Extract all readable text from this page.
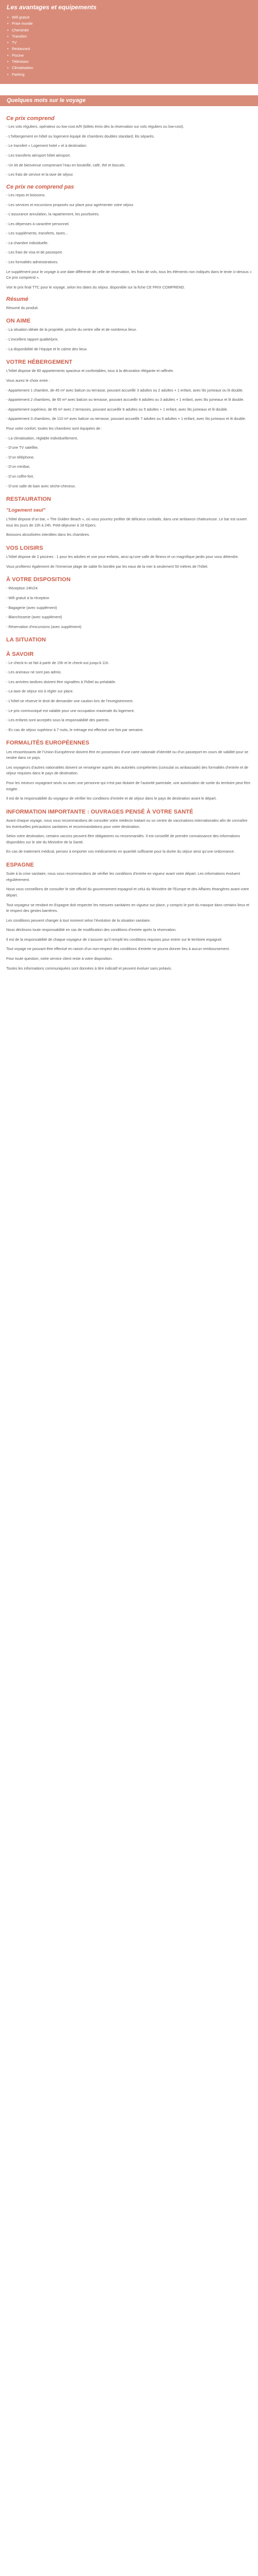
Les avantages et equipements
• Wifi gratuit
• Prise murale
• Cheminée
• Transfert
• TV
• Restaurant
• Piscine
• Télévision
• Climatisation
• Parking
Quelques mots sur le voyage
Ce prix comprend

- Les vols réguliers, opérateur ou low-cost A/R (billets émis dès la réservation sur vols réguliers ou low-cost).

- L’hébergement en hôtel ou logement équipé de chambres doubles standard, lits séparés.

- Le transfert « Logement hotel » et à destination.

- Les transferts aéroport hôtel aéroport.

- Un kit de bienvenue comprenant l’eau en bouteille, café, thé et biscuits.

- Les frais de service et la taxe de séjour.

Ce prix ne comprend pas

- Les repas et boissons.

- Les services et excursions proposés sur place pour agrémenter votre séjour.

- L’assurance annulation, la rapatriement, les pourboires.

- Les dépenses à caractère personnel.

- Les suppléments, transferts, taxes...

- La chambre individuelle.

- Les frais de visa et de passeport.

- Les formalités administratives.

Le supplément pour le voyage à une date différente de celle de réservation, les frais de vols, tous les éléments non indiqués dans le texte ci-dessus « Ce prix comprend ».

Voir le prix final TTC pour le voyage, selon les dates du séjour, disponible sur la fiche CE PRIX COMPREND.

Résumé

Résumé du produit.

ON AIME

- La situation idéale de la propriété, proche du centre ville et de nombreux lieux.

- L’excellent rapport qualité/prix.

- La disponibilité de l’équipe et le calme des lieux.

VOTRE HÉBERGEMENT

L’hôtel dispose de 80 appartements spacieux et confortables, tous à la décoration élégante et raffinée.

Vous aurez le choix entre :

- Appartement 1 chambre, de 45 m² avec balcon ou terrasse, pouvant accueillir 3 adultes ou 2 adultes + 1 enfant, avec lits jumeaux ou lit double.

- Appartement 2 chambres, de 65 m² avec balcon ou terrasse, pouvant accueillir 4 adultes ou 3 adultes + 1 enfant, avec lits jumeaux et lit double.

- Appartement supérieur, de 85 m² avec 2 terrasses, pouvant accueillir 6 adultes ou 5 adultes + 1 enfant, avec lits jumeaux et lit double.

- Appartement 3 chambres, de 110 m² avec balcon ou terrasse, pouvant accueillir 7 adultes ou 6 adultes + 1 enfant, avec lits jumeaux et lit double.

Pour votre confort, toutes les chambres sont équipées de :

- La climatisation, réglable individuellement,

- D’une TV satellite,

- D’un téléphone,

- D’un minibar,

- D’un coffre-fort,

- D’une salle de bain avec sèche-cheveux.

RESTAURATION
"Logement seul"

L’hôtel dispose d’un bar, « The Golden Beach », où vous pourrez profiter de délicieux cocktails, dans une ambiance chaleureuse. Le bar est ouvert tous les jours de 10h à 24h. Petit-déjeuner à 18 €/pers.

Boissons alcoolisées interdites dans les chambres.

VOS LOISIRS

L’hôtel dispose de 2 piscines : 1 pour les adultes et une pour enfants, ainsi qu’une salle de fitness et un magnifique jardin pour vous détendre.

Vous profiterez également de l’immense plage de sable fin bordée par les eaux de la mer à seulement 50 mètres de l’hôtel.

À VOTRE DISPOSITION

- Réception 24h/24

- Wifi gratuit à la réception

- Bagagerie (avec supplément)

- Blanchisserie (avec supplément)

- Réservation d’excursions (avec supplément)

LA SITUATION
À SAVOIR

- Le check-in se fait à partir de 15h et le check-out jusqu’à 11h.

- Les animaux ne sont pas admis.

- Les arrivées tardives doivent être signalées à l’hôtel au préalable.

- La taxe de séjour est à régler sur place.

- L’hôtel se réserve le droit de demander une caution lors de l’enregistrement.

- Le prix communiqué est valable pour une occupation maximale du logement.

- Les enfants sont acceptés sous la responsabilité des parents.

- En cas de séjour supérieur à 7 nuits, le ménage est effectué une fois par semaine.

FORMALITÉS EUROPÉENNES

Les ressortissants de l’Union Européenne doivent être en possession d’une carte nationale d’identité ou d’un passeport en cours de validité pour se rendre dans ce pays.

Les voyageurs d’autres nationalités doivent se renseigner auprès des autorités compétentes (consulat ou ambassade) des formalités d’entrée et de séjour requises dans le pays de destination.

Pour les mineurs voyageant seuls ou avec une personne qui n’est pas titulaire de l’autorité parentale, une autorisation de sortie du territoire peut être exigée.

Il est de la responsabilité du voyageur de vérifier les conditions d’entrée et de séjour dans le pays de destination avant le départ.

INFORMATION IMPORTANTE : OUVRAGES PENSÉ À VOTRE SANTÉ

Avant chaque voyage, nous vous recommandons de consulter votre médecin traitant ou un centre de vaccinations internationales afin de connaître les éventuelles précautions sanitaires et recommandations pour votre destination.

Selon votre destination, certains vaccins peuvent être obligatoires ou recommandés. Il est conseillé de prendre connaissance des informations disponibles sur le site du Ministère de la Santé.

En cas de traitement médical, pensez à emporter vos médicaments en quantité suffisante pour la durée du séjour ainsi qu’une ordonnance.

ESPAGNE

Suite à la crise sanitaire, nous vous recommandons de vérifier les conditions d’entrée en vigueur avant votre départ. Les informations évoluent régulièrement.

Nous vous conseillons de consulter le site officiel du gouvernement espagnol et celui du Ministère de l’Europe et des Affaires étrangères avant votre départ.

Tout voyageur se rendant en Espagne doit respecter les mesures sanitaires en vigueur sur place, y compris le port du masque dans certains lieux et le respect des gestes barrières.

Les conditions peuvent changer à tout moment selon l’évolution de la situation sanitaire.

Nous déclinons toute responsabilité en cas de modification des conditions d’entrée après la réservation.

Il est de la responsabilité de chaque voyageur de s’assurer qu’il remplit les conditions requises pour entrer sur le territoire espagnol.

Tout voyage ne pouvant être effectué en raison d’un non-respect des conditions d’entrée ne pourra donner lieu à aucun remboursement.

Pour toute question, notre service client reste à votre disposition.

Toutes les informations communiquées sont données à titre indicatif et peuvent évoluer sans préavis.
